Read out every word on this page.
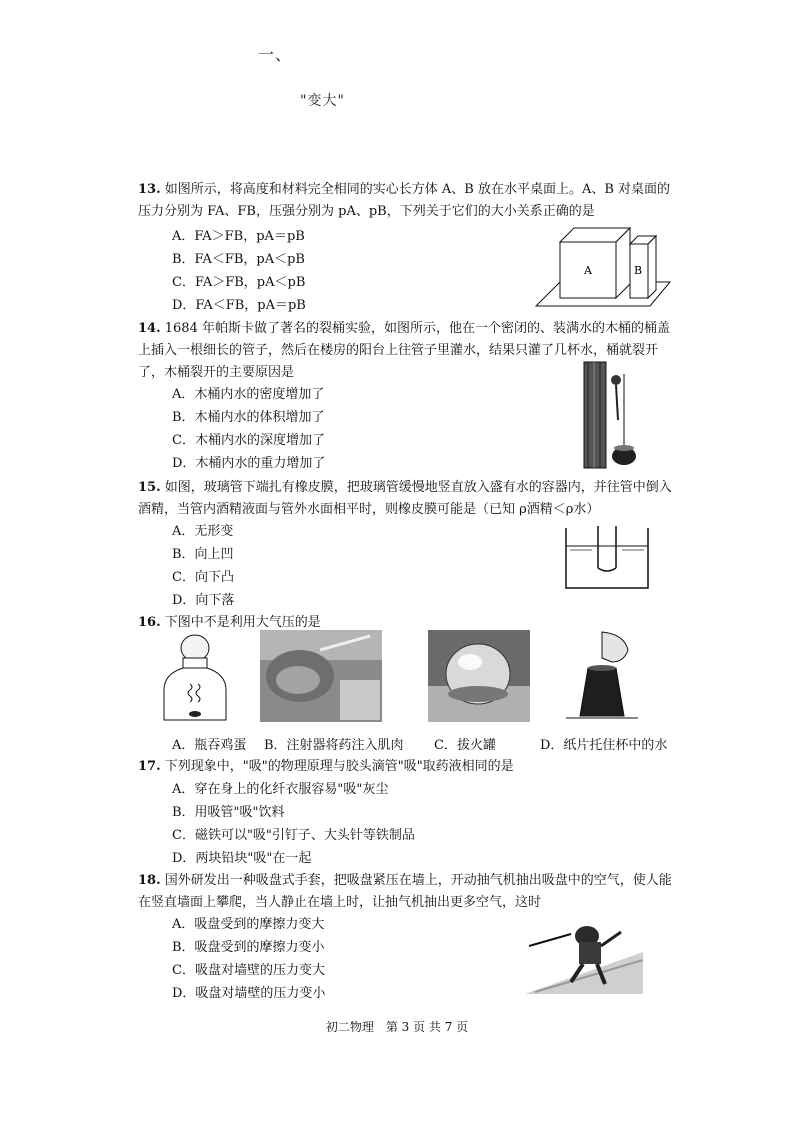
一、
"变大"

13. 如图所示，将高度和材料完全相同的实心长方体 A、B 放在水平桌面上。A、B 对桌面的压力分别为 FA、FB，压强分别为 pA、pB，下列关于它们的大小关系正确的是

A．FA＞FB，pA＝pB
B．FA＜FB，pA＜pB
C．FA＞FB，pA＜pB
D．FA＜FB，pA＝pB
A	B

14. 1684 年帕斯卡做了著名的裂桶实验，如图所示，他在一个密闭的、装满水的木桶的桶盖上插入一根细长的管子，然后在楼房的阳台上往管子里灌水，结果只灌了几杯水，桶就裂开了，木桶裂开的主要原因是

A．木桶内水的密度增加了
B．木桶内水的体积增加了
C．木桶内水的深度增加了
D．木桶内水的重力增加了

15. 如图，玻璃管下端扎有橡皮膜，把玻璃管缓慢地竖直放入盛有水的容器内，并往管中倒入酒精，当管内酒精液面与管外水面相平时，则橡皮膜可能是（已知 ρ酒精＜ρ水）

A．无形变
B．向上凹
C．向下凸
D．向下落

16. 下图中不是利用大气压的是

A．瓶吞鸡蛋 B．注射器将药注入肌肉 C．拔火罐	D．纸片托住杯中的水

17. 下列现象中，"吸"的物理原理与胶头滴管"吸"取药液相同的是

A．穿在身上的化纤衣服容易"吸"灰尘
B．用吸管"吸"饮料
C．磁铁可以"吸"引钉子、大头针等铁制品
D．两块铅块"吸"在一起

18. 国外研发出一种吸盘式手套，把吸盘紧压在墙上，开动抽气机抽出吸盘中的空气，使人能在竖直墙面上攀爬，当人静止在墙上时，让抽气机抽出更多空气，这时

A．吸盘受到的摩擦力变大
B．吸盘受到的摩擦力变小
C．吸盘对墙壁的压力变大
D．吸盘对墙壁的压力变小
初二物理　第 3 页 共 7 页
